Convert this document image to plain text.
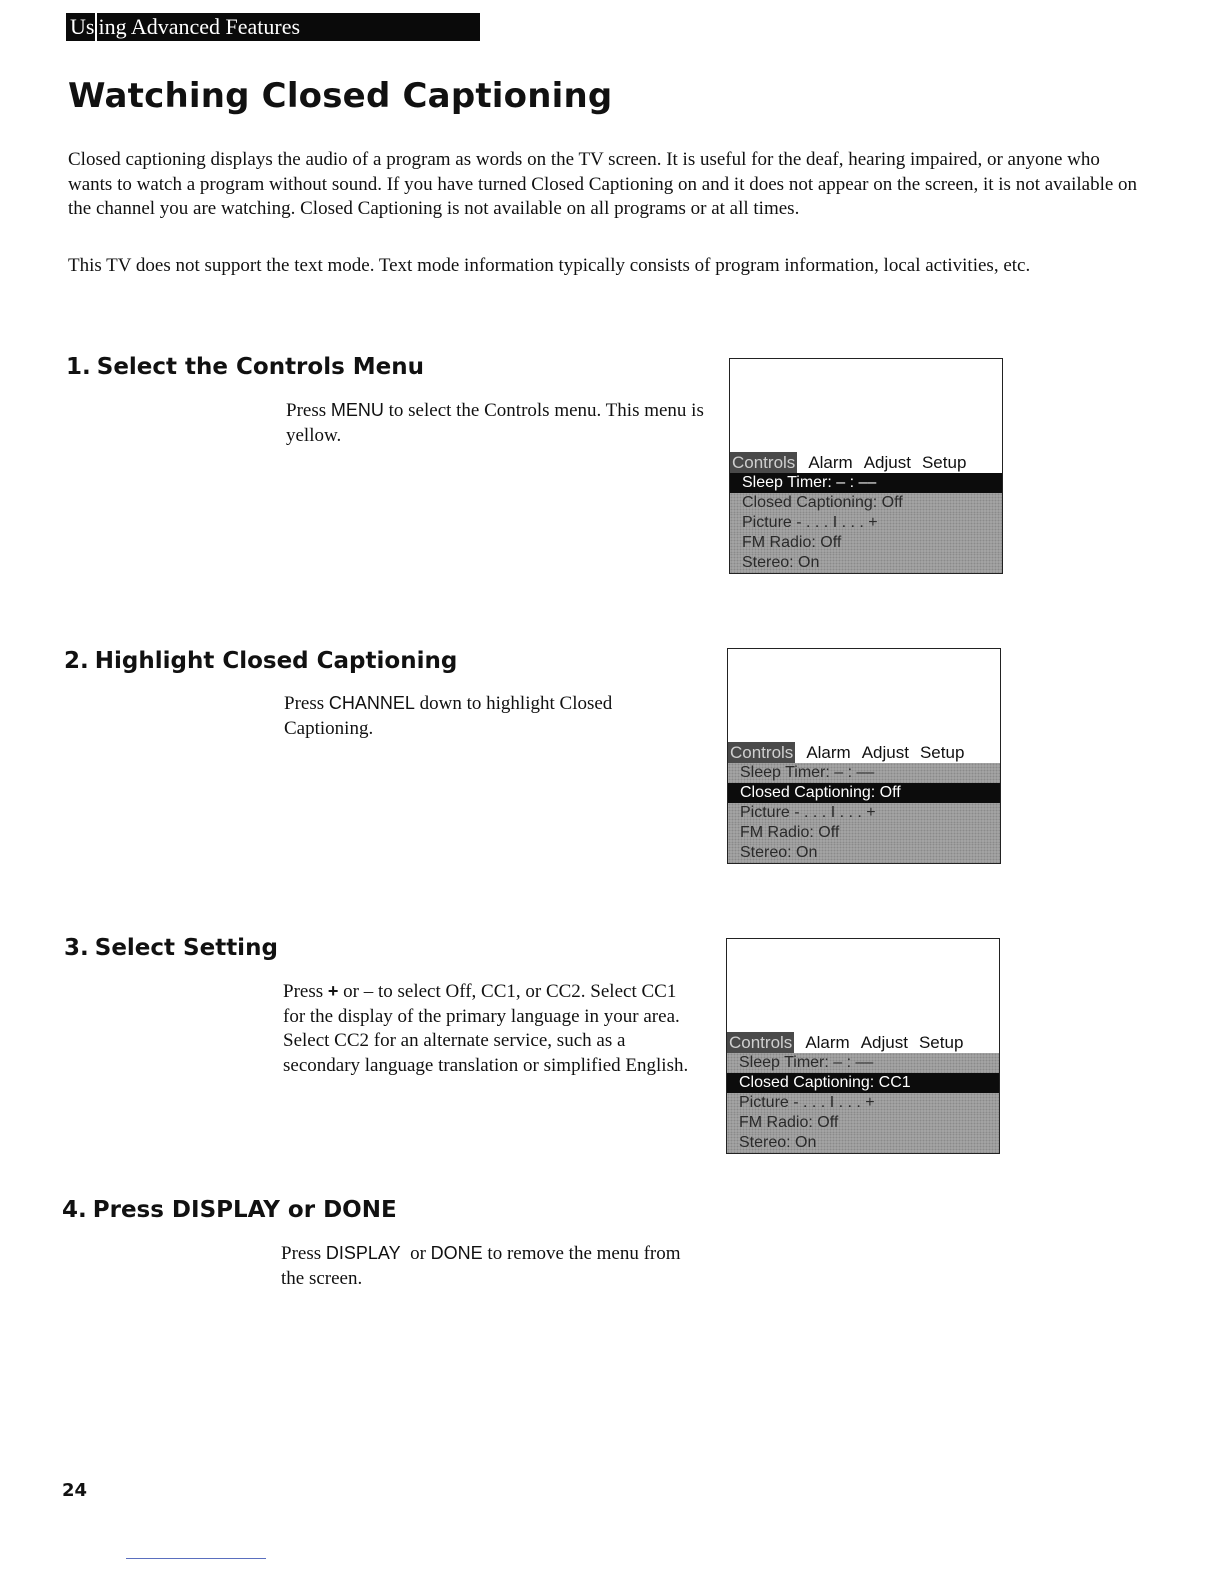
Us ing Advanced Features
Watching Closed Captioning

Closed captioning displays the audio of a program as words on the TV screen. It is useful for the deaf, hearing impaired, or anyone who wants to watch a program without sound. If you have turned Closed Captioning on and it does not appear on the screen, it is not available on the channel you are watching. Closed Captioning is not available on all programs or at all times.

This TV does not support the text mode. Text mode information typically consists of program information, local activities, etc.

1. Select the Controls Menu

Press MENU to select the Controls menu. This menu is yellow.

Controls Alarm Adjust Setup
Sleep Timer: – : ––
Closed Captioning: Off
Picture - . . . I . . . +
FM Radio: Off
Stereo: On
2. Highlight Closed Captioning

Press CHANNEL down to highlight Closed Captioning.

Controls Alarm Adjust Setup
Sleep Timer: – : ––
Closed Captioning: Off
Picture - . . . I . . . +
FM Radio: Off
Stereo: On
3. Select Setting

Press + or – to select Off, CC1, or CC2. Select CC1 for the display of the primary language in your area. Select CC2 for an alternate service, such as a secondary language translation or simplified English.

Controls Alarm Adjust Setup
Sleep Timer: – : ––
Closed Captioning: CC1
Picture - . . . I . . . +
FM Radio: Off
Stereo: On
4. Press DISPLAY or DONE

Press DISPLAY  or DONE to remove the menu from the screen.

24
